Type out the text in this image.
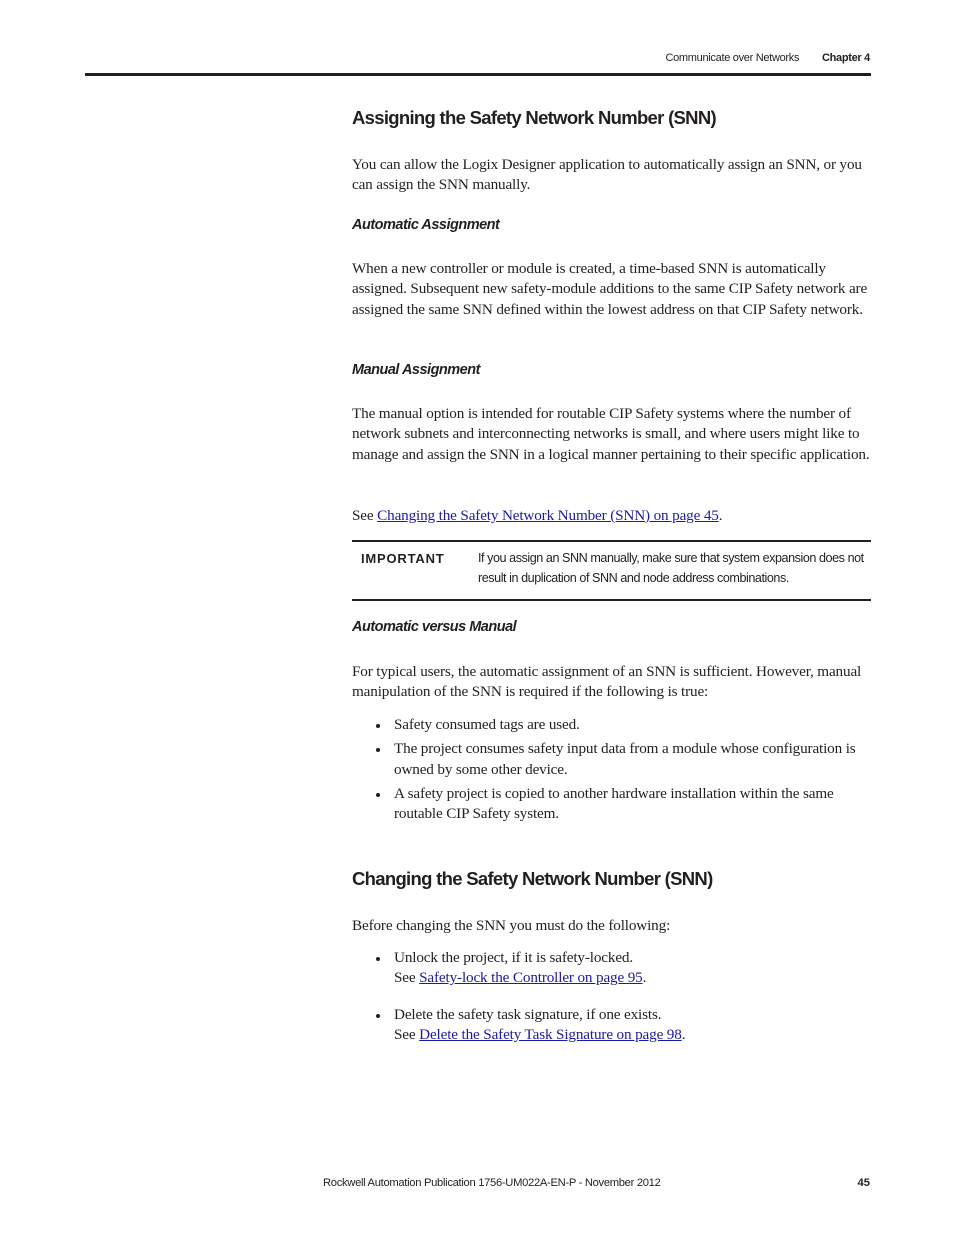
Communicate over Networks Chapter 4
Assigning the Safety Network Number (SNN)

You can allow the Logix Designer application to automatically assign an SNN, or you can assign the SNN manually.

Automatic Assignment

When a new controller or module is created, a time-based SNN is automatically assigned. Subsequent new safety-module additions to the same CIP Safety network are assigned the same SNN defined within the lowest address on that CIP Safety network.

Manual Assignment

The manual option is intended for routable CIP Safety systems where the number of network subnets and interconnecting networks is small, and where users might like to manage and assign the SNN in a logical manner pertaining to their specific application.

See Changing the Safety Network Number (SNN) on page 45.

IMPORTANT	If you assign an SNN manually, make sure that system expansion does not result in duplication of SNN and node address combinations.
Automatic versus Manual

For typical users, the automatic assignment of an SNN is sufficient. However, manual manipulation of the SNN is required if the following is true:

Safety consumed tags are used.
The project consumes safety input data from a module whose configuration is owned by some other device.
A safety project is copied to another hardware installation within the same routable CIP Safety system.
Changing the Safety Network Number (SNN)

Before changing the SNN you must do the following:

Unlock the project, if it is safety-locked.
See Safety-lock the Controller on page 95.
Delete the safety task signature, if one exists.
See Delete the Safety Task Signature on page 98.
Rockwell Automation Publication 1756-UM022A-EN-P - November 2012	45
